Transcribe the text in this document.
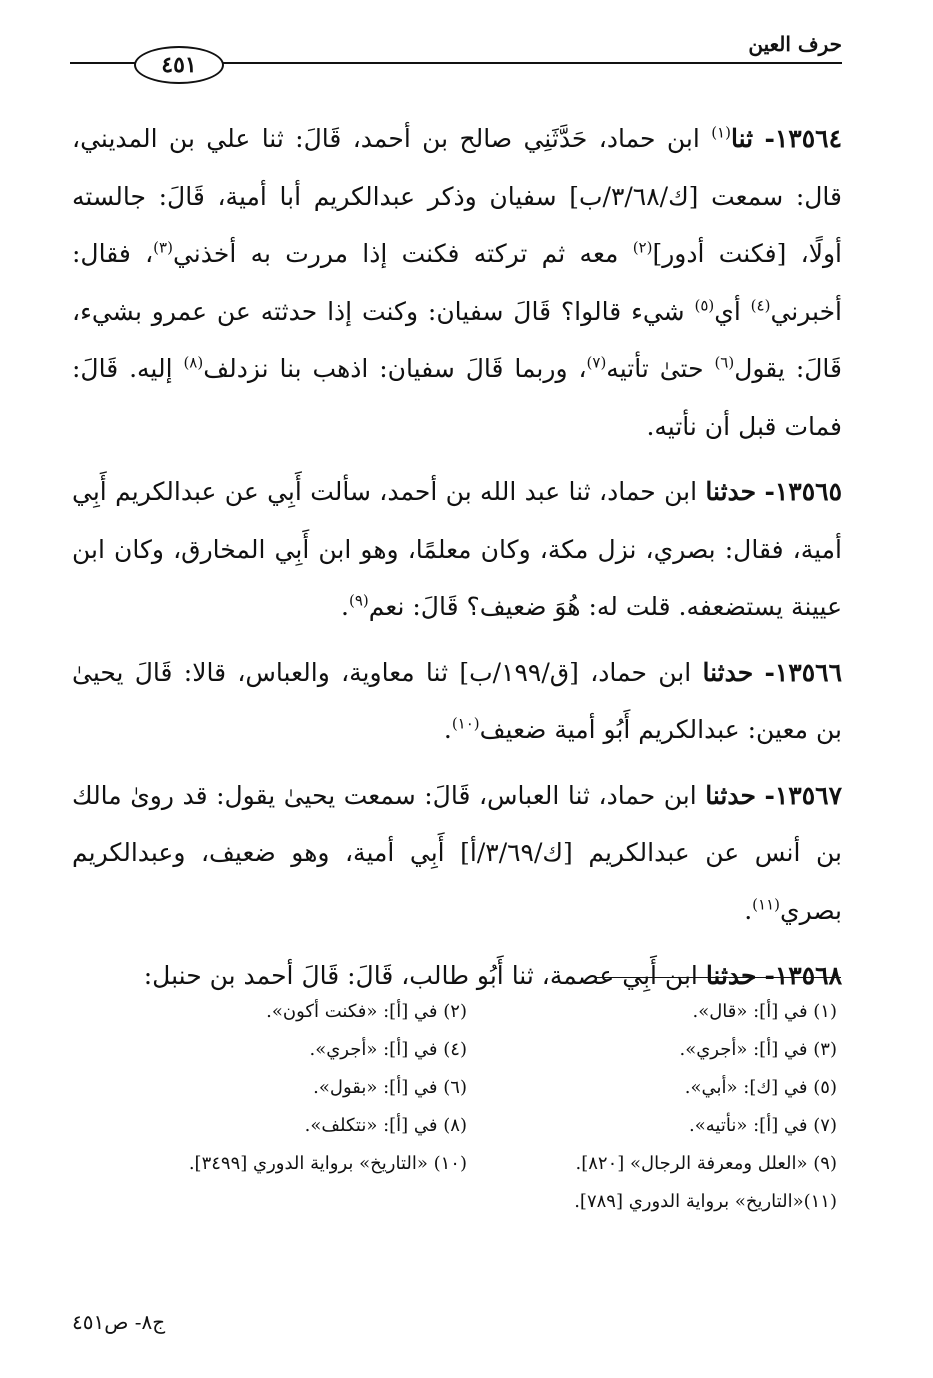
حرف العين
٤٥١

١٣٥٦٤- ثنا$^{(١)}$ ابن حماد، حَدَّثَنِي صالح بن أحمد، قَالَ: ثنا علي بن المديني، قال: سمعت [ك/٣/٦٨/ب] سفيان وذكر عبدالكريم أبا أمية، قَالَ: جالسته أولًا، [فكنت أدور]$^{(٢)}$ معه ثم تركته فكنت إذا مررت به أخذني$^{(٣)}$، فقال: أخبرني$^{(٤)}$ أي$^{(٥)}$ شيء قالوا؟ قَالَ سفيان: وكنت إذا حدثته عن عمرو بشيء، قَالَ: يقول$^{(٦)}$ حتىٰ تأتيه$^{(٧)}$، وربما قَالَ سفيان: اذهب بنا نزدلف$^{(٨)}$ إليه. قَالَ: فمات قبل أن نأتيه.

١٣٥٦٥- حدثنا ابن حماد، ثنا عبد الله بن أحمد، سألت أَبِي عن عبدالكريم أَبِي أمية، فقال: بصري، نزل مكة، وكان معلمًا، وهو ابن أَبِي المخارق، وكان ابن عيينة يستضعفه. قلت له: هُوَ ضعيف؟ قَالَ: نعم$^{(٩)}$.

١٣٥٦٦- حدثنا ابن حماد، [ق/١٩٩/ب] ثنا معاوية، والعباس، قالا: قَالَ يحيىٰ بن معين: عبدالكريم أَبُو أمية ضعيف$^{(١٠)}$.

١٣٥٦٧- حدثنا ابن حماد، ثنا العباس، قَالَ: سمعت يحيىٰ يقول: قد روىٰ مالك بن أنس عن عبدالكريم [ك/٣/٦٩/أ] أَبِي أمية، وهو ضعيف، وعبدالكريم بصري$^{(١١)}$.

١٣٥٦٨- حدثنا ابن أَبِي عصمة، ثنا أَبُو طالب، قَالَ: قَالَ أحمد بن حنبل:

(١) في [أ]: «قال».
(٢) في [أ]: «فكنت أكون».
(٣) في [أ]: «أجري».
(٤) في [أ]: «أجري».
(٥) في [ك]: «أبي».
(٦) في [أ]: «بقول».
(٧) في [أ]: «نأتيه».
(٨) في [أ]: «نتكلف».
(٩) «العلل ومعرفة الرجال» [٨٢٠].
(١٠) «التاريخ» برواية الدوري [٣٤٩٩].
(١١)«التاريخ» برواية الدوري [٧٨٩].
ج٨- ص٤٥١
